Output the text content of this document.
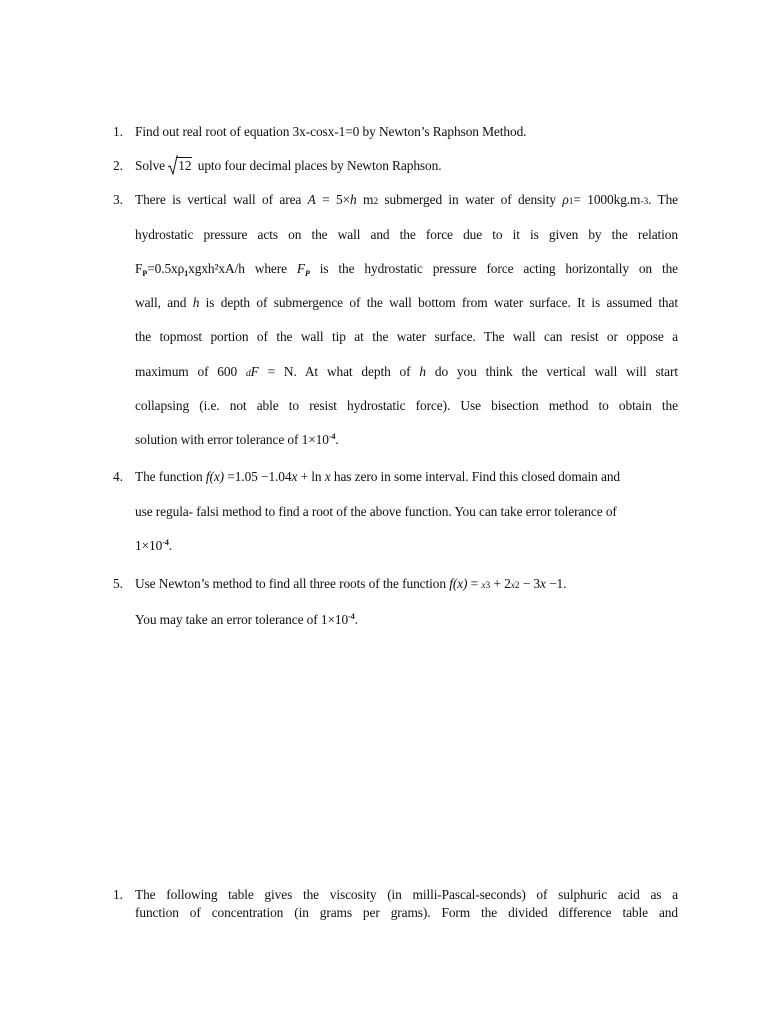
1. Find out real root of equation 3x-cosx-1=0 by Newton’s Raphson Method.
2. Solve 12 upto four decimal places by Newton Raphson.
3. There is vertical wall of area A = 5×h m2 submerged in water of density ρ1= 1000kg.m-3. The
hydrostatic pressure acts on the wall and the force due to it is given by the relation
$F_P=0.5x\rho_1xgxh^2xA/h$ where $F_P$ is the hydrostatic pressure force acting horizontally on the
wall, and h is depth of submergence of the wall bottom from water surface. It is assumed that
the topmost portion of the wall tip at the water surface. The wall can resist or oppose a
maximum of 600 dF = N. At what depth of h do you think the vertical wall will start
collapsing (i.e. not able to resist hydrostatic force). Use bisection method to obtain the
solution with error tolerance of $1\times 10^{-4}$.
4. The function f(x) =1.05 −1.04x + ln x has zero in some interval. Find this closed domain and
use regula- falsi method to find a root of the above function. You can take error tolerance of
$1\times 10^{-4}$.
5. Use Newton’s method to find all three roots of the function f(x) = x3 + 2x2 − 3x −1.
You may take an error tolerance of $1\times 10^{-4}$.
1. The following table gives the viscosity (in milli-Pascal-seconds) of sulphuric acid as a
function of concentration (in grams per grams). Form the divided difference table and
